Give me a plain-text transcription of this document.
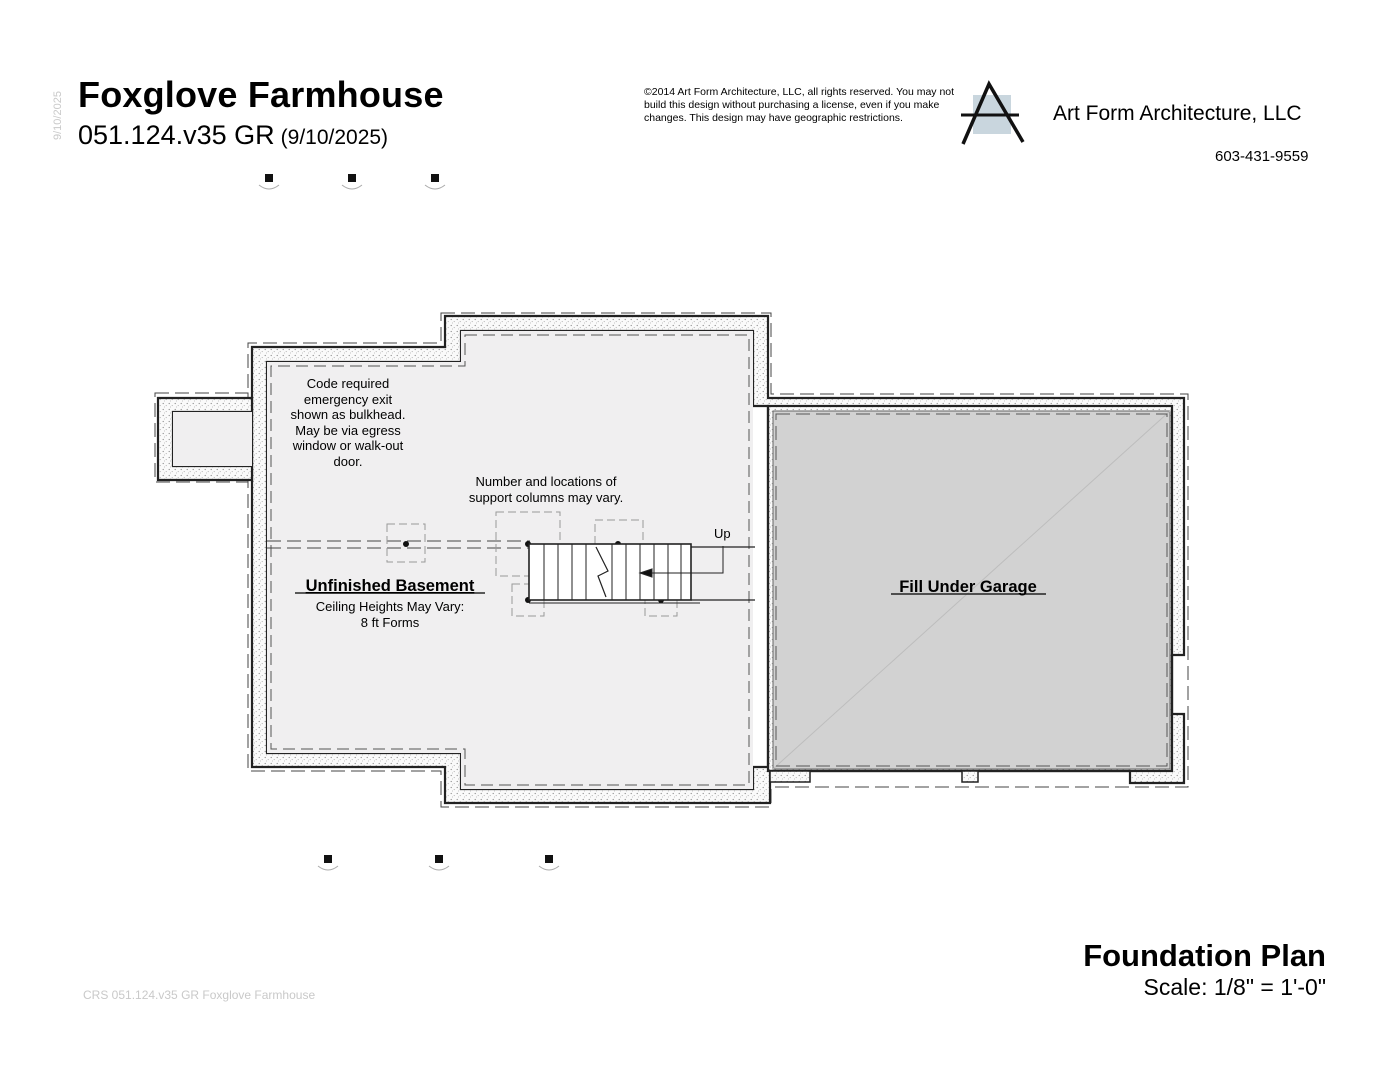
9/10/2025 Foxglove Farmhouse
051.124.v35 GR (9/10/2025)
©2014 Art Form Architecture, LLC, all rights reserved. You may not build this design without purchasing a license, even if you make changes. This design may have geographic restrictions.	Art Form Architecture, LLC
603-431-9559
Up
Code required
emergency exit
shown as bulkhead.
May be via egress
window or walk-out
door.
Number and locations of
support columns may vary.
Unfinished Basement
Ceiling Heights May Vary:
8 ft Forms
Fill Under Garage
Foundation Plan
Scale: 1/8" = 1'-0"
CRS 051.124.v35 GR Foxglove Farmhouse
